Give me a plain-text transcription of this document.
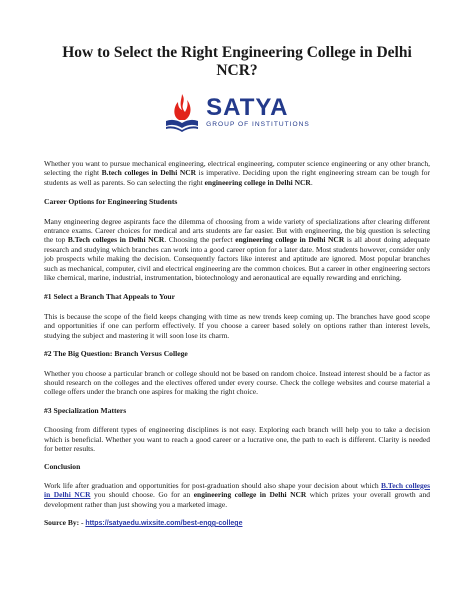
How to Select the Right Engineering College in Delhi NCR?
SATYA
GROUP OF INSTITUTIONS

Whether you want to pursue mechanical engineering, electrical engineering, computer science engineering or any other branch, selecting the right B.tech colleges in Delhi NCR is imperative. Deciding upon the right engineering stream can be tough for students as well as parents. So can selecting the right engineering college in Delhi NCR.

Career Options for Engineering Students

Many engineering degree aspirants face the dilemma of choosing from a wide variety of specializations after clearing different entrance exams. Career choices for medical and arts students are far easier. But with engineering, the big question is selecting the top B.Tech colleges in Delhi NCR. Choosing the perfect engineering college in Delhi NCR is all about doing adequate research and studying which branches can work into a good career option for a later date. Most students however, consider only job prospects while making the decision. Consequently factors like interest and aptitude are ignored. Most popular branches such as mechanical, computer, civil and electrical engineering are the common choices. But a career in other engineering sectors like chemical, marine, industrial, instrumentation, biotechnology and aeronautical are equally rewarding and enriching.

#1 Select a Branch That Appeals to Your

This is because the scope of the field keeps changing with time as new trends keep coming up. The branches have good scope and opportunities if one can perform effectively. If you choose a career based solely on options rather than interest levels, studying the subject and mastering it will soon lose its charm.

#2 The Big Question: Branch Versus College

Whether you choose a particular branch or college should not be based on random choice. Instead interest should be a factor as should research on the colleges and the electives offered under every course. Check the college websites and course material a college offers under the branch one aspires for making the right choice.

#3 Specialization Matters

Choosing from different types of engineering disciplines is not easy. Exploring each branch will help you to take a decision which is beneficial. Whether you want to reach a good career or a lucrative one, the path to each is different. Clarity is needed for better results.

Conclusion

Work life after graduation and opportunities for post-graduation should also shape your decision about which B.Tech colleges in Delhi NCR you should choose. Go for an engineering college in Delhi NCR which prizes your overall growth and development rather than just showing you a marketed image.

Source By: - https://satyaedu.wixsite.com/best-engg-college
